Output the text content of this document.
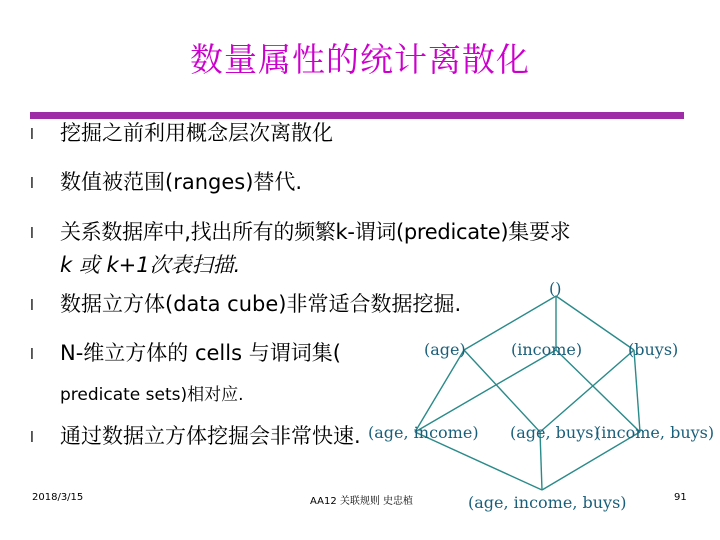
数量属性的统计离散化
l 挖掘之前利用概念层次离散化
l 数值被范围(ranges)替代.
l 关系数据库中,找出所有的频繁k-谓词(predicate)集要求
k 或 k+1次表扫描.
l 数据立方体(data cube)非常适合数据挖掘.
l N-维立方体的 cells 与谓词集(
predicate sets)相对应.
l 通过数据立方体挖掘会非常快速.
()
(age)	(income)	(buys)
(age, income) (age, buys)
(income, buys)
(age, income, buys)
2018/3/15	AA12 关联规则 史忠植	91
